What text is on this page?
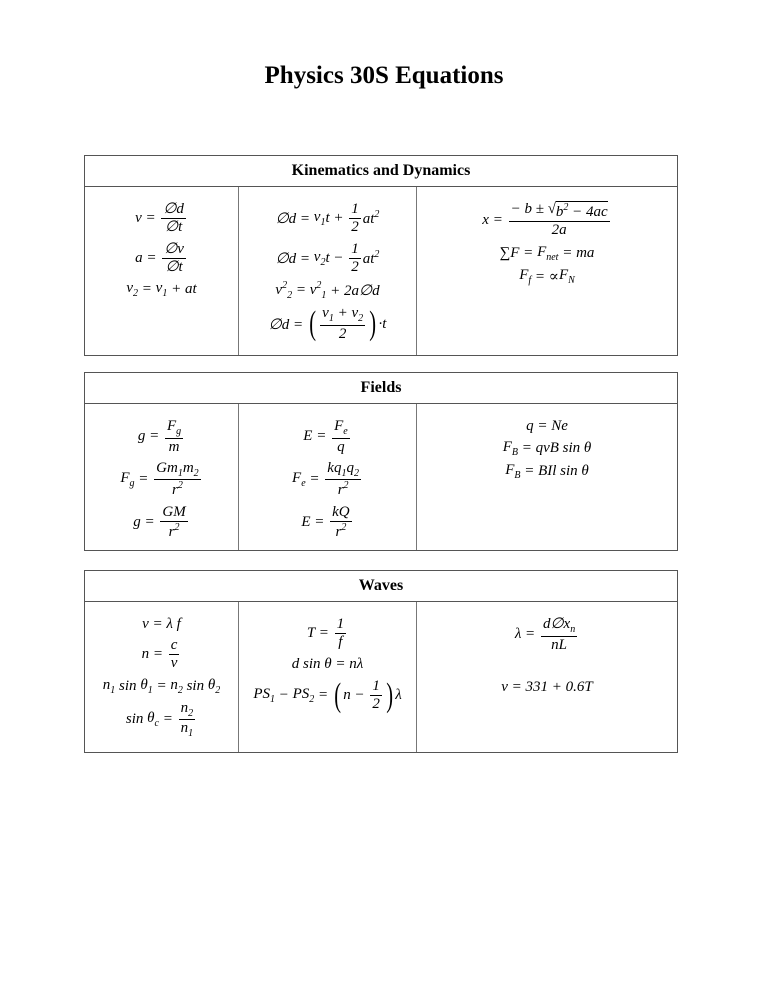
Physics 30S Equations
Kinematics and Dynamics
$v = \frac{\emptyset d}{\emptyset t}$
$a = \frac{\emptyset v}{\emptyset t}$
$v_2 = v_1$ + at
∅d = $v_1$ $t + \frac{1}{2} at^2$
∅d = $v_2$ $t - \frac{1}{2} at^2$
$v^2_2 = v^2_1$ + 2a∅d
∅d = ( $\frac{v_1 + v_2}{2}$ ) ·t
$x = \frac{- b \pm √ b^2 - 4ac}{2a}$
$\sum F = F_{net}$ = ma
$F_f$ = ∝ $F_N$
Fields
$g = \frac{F_g}{m}$
$F_g = \frac{Gm_1m_2}{r^2}$
$g = \frac{GM}{r^2}$
$E = \frac{F_e}{q}$
$F_e = \frac{kq_1q_2}{r^2}$
$E = \frac{kQ}{r^2}$
q = Ne
$F_B$ = qvB sin θ
$F_B$ = BIl sin θ
Waves
v = λ f
$n = \frac{c}{v}$
$n_1$ $\sin \theta_1 = n_2$ $\sin \theta_2$
$\sin \theta_c = \frac{n_2}{n_1}$
$T = \frac{1}{f}$
d sin θ = nλ
$PS_1 - PS_2$ = ( $n - \frac{1}{2}$ ) λ
$\lambda = \frac{d\emptyset x_n}{nL}$

v = 331 + 0.6T
